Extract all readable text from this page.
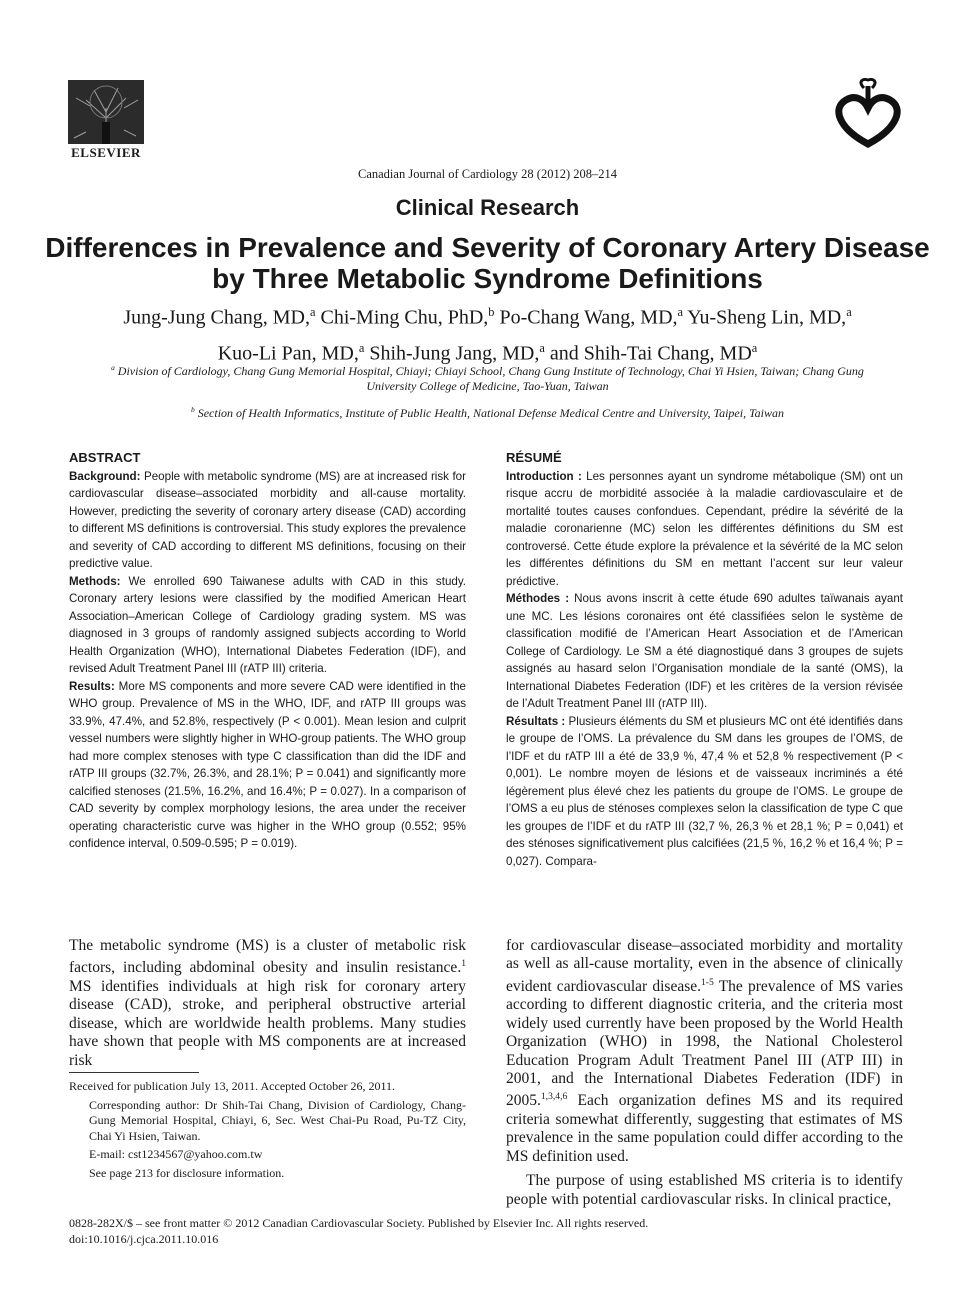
ELSEVIER
Canadian Journal of Cardiology 28 (2012) 208–214
Clinical Research
Differences in Prevalence and Severity of Coronary Artery Disease by Three Metabolic Syndrome Definitions
Jung-Jung Chang, MD,$^a$ Chi-Ming Chu, PhD,$^b$ Po-Chang Wang, MD,$^a$ Yu-Sheng Lin, MD,$^a$
Kuo-Li Pan, MD,$^a$ Shih-Jung Jang, MD,$^a$ and Shih-Tai Chang, $MD^a$

$^a$ Division of Cardiology, Chang Gung Memorial Hospital, Chiayi; Chiayi School, Chang Gung Institute of Technology, Chai Yi Hsien, Taiwan; Chang Gung University College of Medicine, Tao-Yuan, Taiwan

$^b$ Section of Health Informatics, Institute of Public Health, National Defense Medical Centre and University, Taipei, Taiwan

ABSTRACT

Background: People with metabolic syndrome (MS) are at increased risk for cardiovascular disease–associated morbidity and all-cause mortality. However, predicting the severity of coronary artery disease (CAD) according to different MS definitions is controversial. This study explores the prevalence and severity of CAD according to different MS definitions, focusing on their predictive value.

Methods: We enrolled 690 Taiwanese adults with CAD in this study. Coronary artery lesions were classified by the modified American Heart Association–American College of Cardiology grading system. MS was diagnosed in 3 groups of randomly assigned subjects according to World Health Organization (WHO), International Diabetes Federation (IDF), and revised Adult Treatment Panel III (rATP III) criteria.

Results: More MS components and more severe CAD were identified in the WHO group. Prevalence of MS in the WHO, IDF, and rATP III groups was 33.9%, 47.4%, and 52.8%, respectively (P < 0.001). Mean lesion and culprit vessel numbers were slightly higher in WHO-group patients. The WHO group had more complex stenoses with type C classification than did the IDF and rATP III groups (32.7%, 26.3%, and 28.1%; P = 0.041) and significantly more calcified stenoses (21.5%, 16.2%, and 16.4%; P = 0.027). In a comparison of CAD severity by complex morphology lesions, the area under the receiver operating characteristic curve was higher in the WHO group (0.552; 95% confidence interval, 0.509-0.595; P = 0.019).

RÉSUMÉ

Introduction : Les personnes ayant un syndrome métabolique (SM) ont un risque accru de morbidité associée à la maladie cardiovasculaire et de mortalité toutes causes confondues. Cependant, prédire la sévérité de la maladie coronarienne (MC) selon les différentes définitions du SM est controversé. Cette étude explore la prévalence et la sévérité de la MC selon les différentes définitions du SM en mettant l’accent sur leur valeur prédictive.

Méthodes : Nous avons inscrit à cette étude 690 adultes taïwanais ayant une MC. Les lésions coronaires ont été classifiées selon le système de classification modifié de l’American Heart Association et de l’American College of Cardiology. Le SM a été diagnostiqué dans 3 groupes de sujets assignés au hasard selon l’Organisation mondiale de la santé (OMS), la International Diabetes Federation (IDF) et les critères de la version révisée de l’Adult Treatment Panel III (rATP III).

Résultats : Plusieurs éléments du SM et plusieurs MC ont été identifiés dans le groupe de l’OMS. La prévalence du SM dans les groupes de l’OMS, de l’IDF et du rATP III a été de 33,9 %, 47,4 % et 52,8 % respectivement (P < 0,001). Le nombre moyen de lésions et de vaisseaux incriminés a été légèrement plus élevé chez les patients du groupe de l’OMS. Le groupe de l’OMS a eu plus de sténoses complexes selon la classification de type C que les groupes de l’IDF et du rATP III (32,7 %, 26,3 % et 28,1 %; P = 0,041) et des sténoses significativement plus calcifiées (21,5 %, 16,2 % et 16,4 %; P = 0,027). Compara-

The metabolic syndrome (MS) is a cluster of metabolic risk factors, including abdominal obesity and insulin resistance.$^1$ MS identifies individuals at high risk for coronary artery disease (CAD), stroke, and peripheral obstructive arterial disease, which are worldwide health problems. Many studies have shown that people with MS components are at increased risk

Received for publication July 13, 2011. Accepted October 26, 2011.

Corresponding author: Dr Shih-Tai Chang, Division of Cardiology, Chang-Gung Memorial Hospital, Chiayi, 6, Sec. West Chai-Pu Road, Pu-TZ City, Chai Yi Hsien, Taiwan.

E-mail: cst1234567@yahoo.com.tw

See page 213 for disclosure information.

for cardiovascular disease–associated morbidity and mortality as well as all-cause mortality, even in the absence of clinically evident cardiovascular disease.$^{1-5}$ The prevalence of MS varies according to different diagnostic criteria, and the criteria most widely used currently have been proposed by the World Health Organization (WHO) in 1998, the National Cholesterol Education Program Adult Treatment Panel III (ATP III) in 2001, and the International Diabetes Federation (IDF) in 2005.$^{1,3,4,6}$ Each organization defines MS and its required criteria somewhat differently, suggesting that estimates of MS prevalence in the same population could differ according to the MS definition used.

The purpose of using established MS criteria is to identify people with potential cardiovascular risks. In clinical practice,

0828-282X/$ – see front matter © 2012 Canadian Cardiovascular Society. Published by Elsevier Inc. All rights reserved.

doi:10.1016/j.cjca.2011.10.016
